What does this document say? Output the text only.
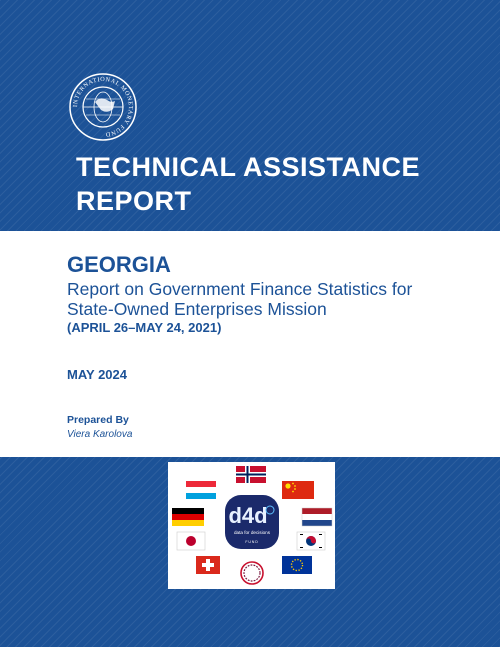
INTERNATIONAL MONETARY FUND
TECHNICAL ASSISTANCE
REPORT
GEORGIA
Report on Government Finance Statistics for
State-Owned Enterprises Mission
(APRIL 26–MAY 24, 2021)
MAY 2024
Prepared By
Viera Karolova
d4d
data for decisions
FUND
